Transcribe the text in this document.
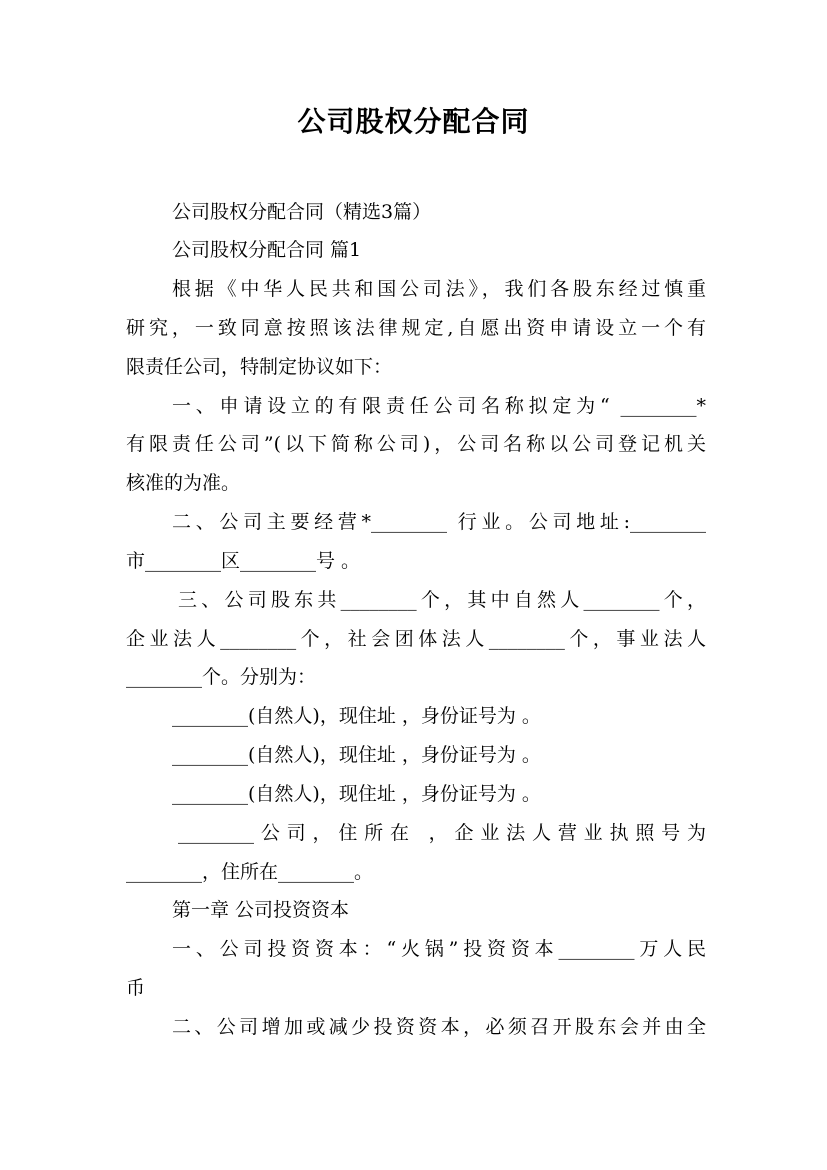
公司股权分配合同
公司股权分配合同（精选3篇）
公司股权分配合同 篇1
根据《中华人民共和国公司法》，我们各股东经过慎重
研究，一致同意按照该法律规定,自愿出资申请设立一个有
限责任公司，特制定协议如下：
一、申请设立的有限责任公司名称拟定为“ ________*
有限责任公司”(以下简称公司)，公司名称以公司登记机关
核准的为准。
二、公司主要经营*________ 行业。公司地址:________
市________区________号 。
三、公司股东共________个，其中自然人________个，
企业法人________个，社会团体法人________个，事业法人
________个。分别为：
________(自然人)，现住址 ，身份证号为 。
________(自然人)，现住址 ，身份证号为 。
________(自然人)，现住址 ，身份证号为 。
________公司，住所在 ，企业法人营业执照号为
________，住所在________。
第一章 公司投资资本
一、公司投资资本：“火锅”投资资本________万人民
币
二、公司增加或减少投资资本，必须召开股东会并由全
